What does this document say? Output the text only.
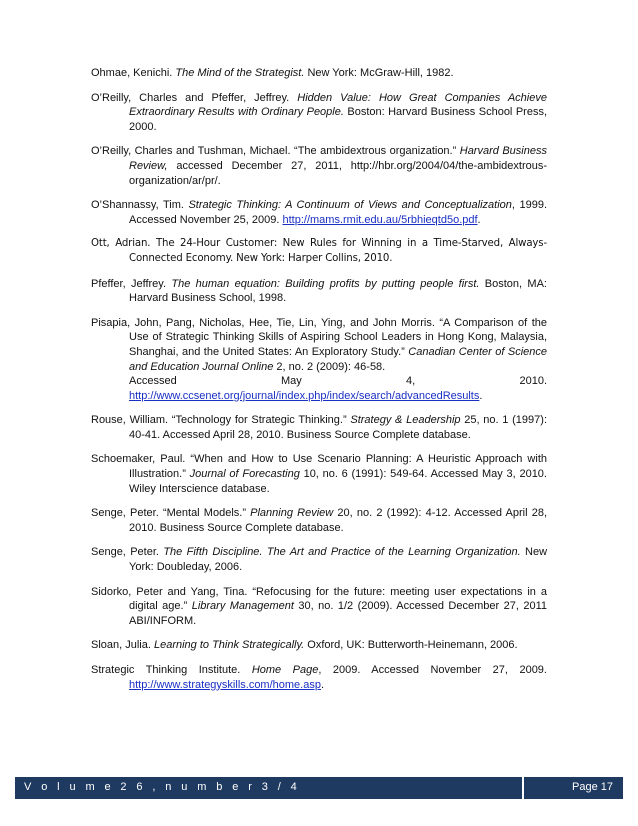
Ohmae, Kenichi. The Mind of the Strategist. New York: McGraw-Hill, 1982.

O’Reilly, Charles and Pfeffer, Jeffrey. Hidden Value: How Great Companies Achieve Extraordinary Results with Ordinary People. Boston: Harvard Business School Press, 2000.

O’Reilly, Charles and Tushman, Michael. “The ambidextrous organization.” Harvard Business Review, accessed December 27, 2011, http://hbr.org/2004/04/the-ambidextrous-organization/ar/pr/.

O’Shannassy, Tim. Strategic Thinking: A Continuum of Views and Conceptualization, 1999. Accessed November 25, 2009. http://mams.rmit.edu.au/5rbhieqtd5o.pdf.

Ott, Adrian. The 24-Hour Customer: New Rules for Winning in a Time-Starved, Always-Connected Economy. New York: Harper Collins, 2010.

Pfeffer, Jeffrey. The human equation: Building profits by putting people first. Boston, MA: Harvard Business School, 1998.

Pisapia, John, Pang, Nicholas, Hee, Tie, Lin, Ying, and John Morris. “A Comparison of the Use of Strategic Thinking Skills of Aspiring School Leaders in Hong Kong, Malaysia, Shanghai, and the United States: An Exploratory Study.” Canadian Center of Science and Education Journal Online 2, no. 2 (2009): 46-58.
Accessed	May	4,	2010.
http://www.ccsenet.org/journal/index.php/index/search/advancedResults.

Rouse, William. “Technology for Strategic Thinking.” Strategy & Leadership 25, no. 1 (1997): 40-41. Accessed April 28, 2010. Business Source Complete database.

Schoemaker, Paul. “When and How to Use Scenario Planning: A Heuristic Approach with Illustration.” Journal of Forecasting 10, no. 6 (1991): 549-64. Accessed May 3, 2010. Wiley Interscience database.

Senge, Peter. “Mental Models.” Planning Review 20, no. 2 (1992): 4-12. Accessed April 28, 2010. Business Source Complete database.

Senge, Peter. The Fifth Discipline. The Art and Practice of the Learning Organization. New York: Doubleday, 2006.

Sidorko, Peter and Yang, Tina. “Refocusing for the future: meeting user expectations in a digital age.” Library Management 30, no. 1/2 (2009). Accessed December 27, 2011 ABI/INFORM.

Sloan, Julia. Learning to Think Strategically. Oxford, UK: Butterworth-Heinemann, 2006.

Strategic Thinking Institute. Home Page, 2009. Accessed November 27, 2009. http://www.strategyskills.com/home.asp.

V o l u m e 2 6 , n u m b e r 3 / 4	Page 17
